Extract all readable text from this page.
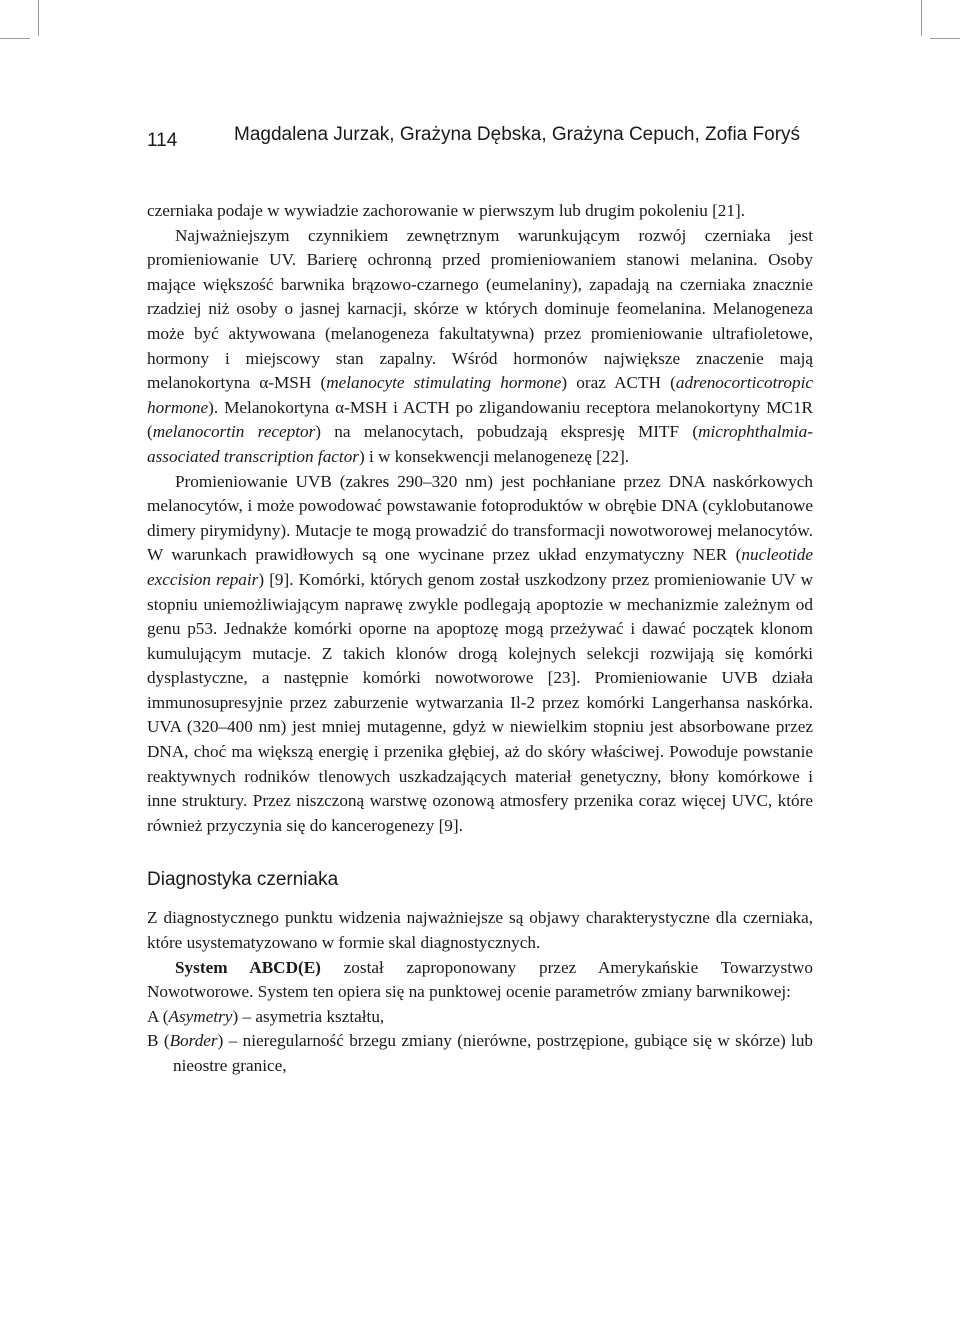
114	Magdalena Jurzak, Grażyna Dębska, Grażyna Cepuch, Zofia Foryś

czerniaka podaje w wywiadzie zachorowanie w pierwszym lub drugim pokoleniu [21].

Najważniejszym czynnikiem zewnętrznym warunkującym rozwój czerniaka jest promieniowanie UV. Barierę ochronną przed promieniowaniem stanowi melanina. Osoby mające większość barwnika brązowo-czarnego (eumelaniny), zapadają na czerniaka znacznie rzadziej niż osoby o jasnej karnacji, skórze w których dominuje feomelanina. Melanogeneza może być aktywowana (melanogeneza fakultatywna) przez promieniowanie ultrafioletowe, hormony i miejscowy stan zapalny. Wśród hormonów największe znaczenie mają melanokortyna α-MSH (melanocyte stimulating hormone) oraz ACTH (adrenocorticotropic hormone). Melanokortyna α-MSH i ACTH po zligandowaniu receptora melanokortyny MC1R (melanocortin receptor) na melanocytach, pobudzają ekspresję MITF (microphthalmia-associated transcription factor) i w konsekwencji melanogenezę [22].

Promieniowanie UVB (zakres 290–320 nm) jest pochłaniane przez DNA naskórkowych melanocytów, i może powodować powstawanie fotoproduktów w obrębie DNA (cyklobutanowe dimery pirymidyny). Mutacje te mogą prowadzić do transformacji nowotworowej melanocytów. W warunkach prawidłowych są one wycinane przez układ enzymatyczny NER (nucleotide exccision repair) [9]. Komórki, których genom został uszkodzony przez promieniowanie UV w stopniu uniemożliwiającym naprawę zwykle podlegają apoptozie w mechanizmie zależnym od genu p53. Jednakże komórki oporne na apoptozę mogą przeżywać i dawać początek klonom kumulującym mutacje. Z takich klonów drogą kolejnych selekcji rozwijają się komórki dysplastyczne, a następnie komórki nowotworowe [23]. Promieniowanie UVB działa immunosupresyjnie przez zaburzenie wytwarzania Il-2 przez komórki Langerhansa naskórka. UVA (320–400 nm) jest mniej mutagenne, gdyż w niewielkim stopniu jest absorbowane przez DNA, choć ma większą energię i przenika głębiej, aż do skóry właściwej. Powoduje powstanie reaktywnych rodników tlenowych uszkadzających materiał genetyczny, błony komórkowe i inne struktury. Przez niszczoną warstwę ozonową atmosfery przenika coraz więcej UVC, które również przyczynia się do kancerogenezy [9].

Diagnostyka czerniaka

Z diagnostycznego punktu widzenia najważniejsze są objawy charakterystyczne dla czerniaka, które usystematyzowano w formie skal diagnostycznych.

System ABCD(E) został zaproponowany przez Amerykańskie Towarzystwo Nowotworowe. System ten opiera się na punktowej ocenie parametrów zmiany barwnikowej:

A (Asymetry) – asymetria kształtu,
B (Border) – nieregularność brzegu zmiany (nierówne, postrzępione, gubiące się w skórze) lub nieostre granice,
